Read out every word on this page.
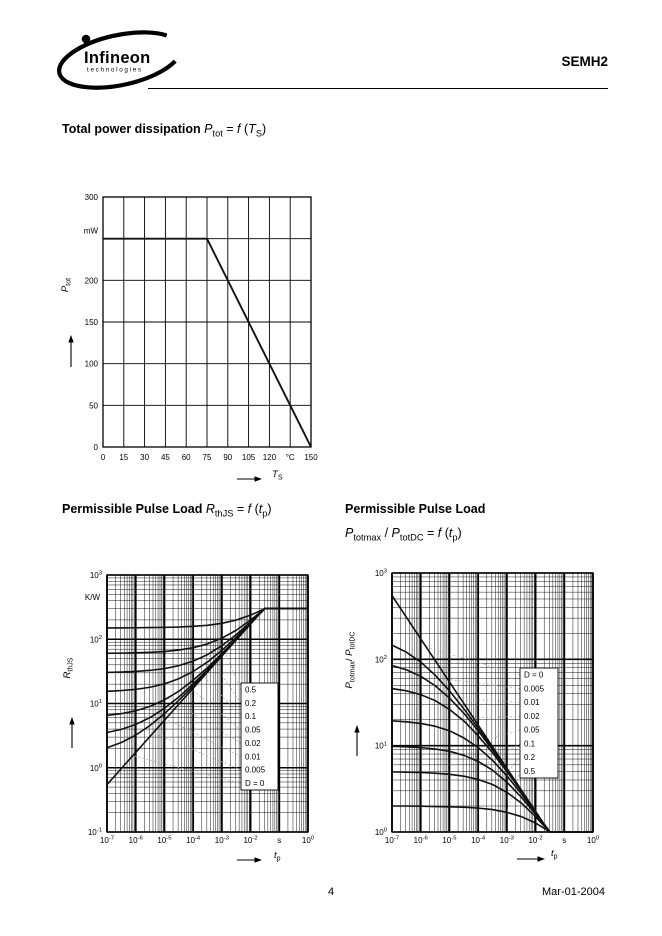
Infineon
technologies
SEMH2
Total power dissipation $P_{tot} = f$ $(T_S)$
0 15 30 45 60 75 90 105 120 °C 150
0
50
100
150
200
mW
300
$P_{tot}$
$T_S$
Permissible Pulse Load $R_{thJS} = f$ $(t_p)$	Permissible Pulse Load
$P_{totmax} / P_{totDC} = f$ $(t_p)$
0.5
0.2
0.1
0.05
0.02
0.01
0.005
D = 0
$10^{-7}$ $10^{-6}$ $10^{-5}$ $10^{-4}$ $10^{-3}$ $10^{-2}$ s	$10^0$
$10^3$
$10^2$
$10^1$
$10^0$
$10^{-1}$
K/W
$R_{thJS}$
$t_p$
D = 0
0.005
0.01
0.02
0.05
0.1
0.2
0.5
$10^{-7}$ $10^{-6}$ $10^{-5}$ $10^{-4}$ $10^{-3}$ $10^{-2}$ s	$10^0$
$10^3$
$10^2$
$10^1$
$10^0$
$P_{totmax}/$ $P_{totDC}$
$t_p$
4	Mar-01-2004
